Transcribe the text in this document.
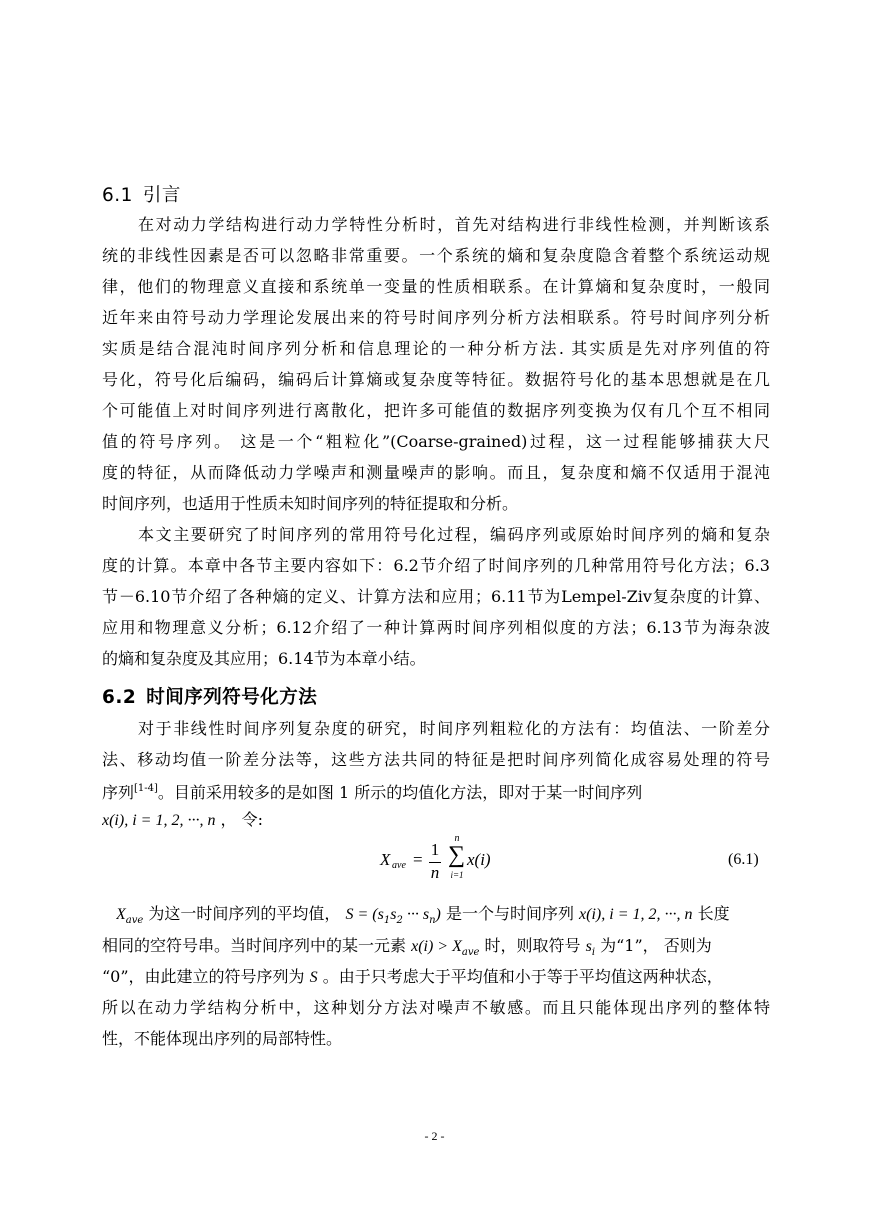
6.1 引言
在对动力学结构进行动力学特性分析时，首先对结构进行非线性检测，并判断该系
统的非线性因素是否可以忽略非常重要。一个系统的熵和复杂度隐含着整个系统运动规
律，他们的物理意义直接和系统单一变量的性质相联系。在计算熵和复杂度时，一般同
近年来由符号动力学理论发展出来的符号时间序列分析方法相联系。符号时间序列分析
实质是结合混沌时间序列分析和信息理论的一种分析方法. 其实质是先对序列值的符
号化，符号化后编码，编码后计算熵或复杂度等特征。数据符号化的基本思想就是在几
个可能值上对时间序列进行离散化，把许多可能值的数据序列变换为仅有几个互不相同
值的符号序列。 这是一个“粗粒化”(Coarse-grained)过程，这一过程能够捕获大尺
度的特征，从而降低动力学噪声和测量噪声的影响。而且，复杂度和熵不仅适用于混沌
时间序列，也适用于性质未知时间序列的特征提取和分析。
本文主要研究了时间序列的常用符号化过程，编码序列或原始时间序列的熵和复杂
度的计算。本章中各节主要内容如下：6.2节介绍了时间序列的几种常用符号化方法；6.3
节－6.10节介绍了各种熵的定义、计算方法和应用；6.11节为Lempel-Ziv复杂度的计算、
应用和物理意义分析；6.12介绍了一种计算两时间序列相似度的方法；6.13节为海杂波
的熵和复杂度及其应用；6.14节为本章小结。
6.2 时间序列符号化方法
对于非线性时间序列复杂度的研究，时间序列粗粒化的方法有：均值法、一阶差分
法、移动均值一阶差分法等，这些方法共同的特征是把时间序列简化成容易处理的符号
序列[1-4]。目前采用较多的是如图 1 所示的均值化方法，即对于某一时间序列
x(i), i = 1, 2, ···, n ， 令:
X ave =
1
n
n
∑
i=1
x(i)	(6.1)
$X_{ave}$ 为这一时间序列的平均值， $S = (s_1s_2$ ··· $s_n$) 是一个与时间序列 x(i), i = 1, 2, ···, n 长度
相同的空符号串。当时间序列中的某一元素 $x(i) > X_{ave}$ 时，则取符号 $s_i$ 为“1”， 否则为
“0”，由此建立的符号序列为 S 。由于只考虑大于平均值和小于等于平均值这两种状态，
所以在动力学结构分析中，这种划分方法对噪声不敏感。而且只能体现出序列的整体特
性，不能体现出序列的局部特性。
- 2 -
